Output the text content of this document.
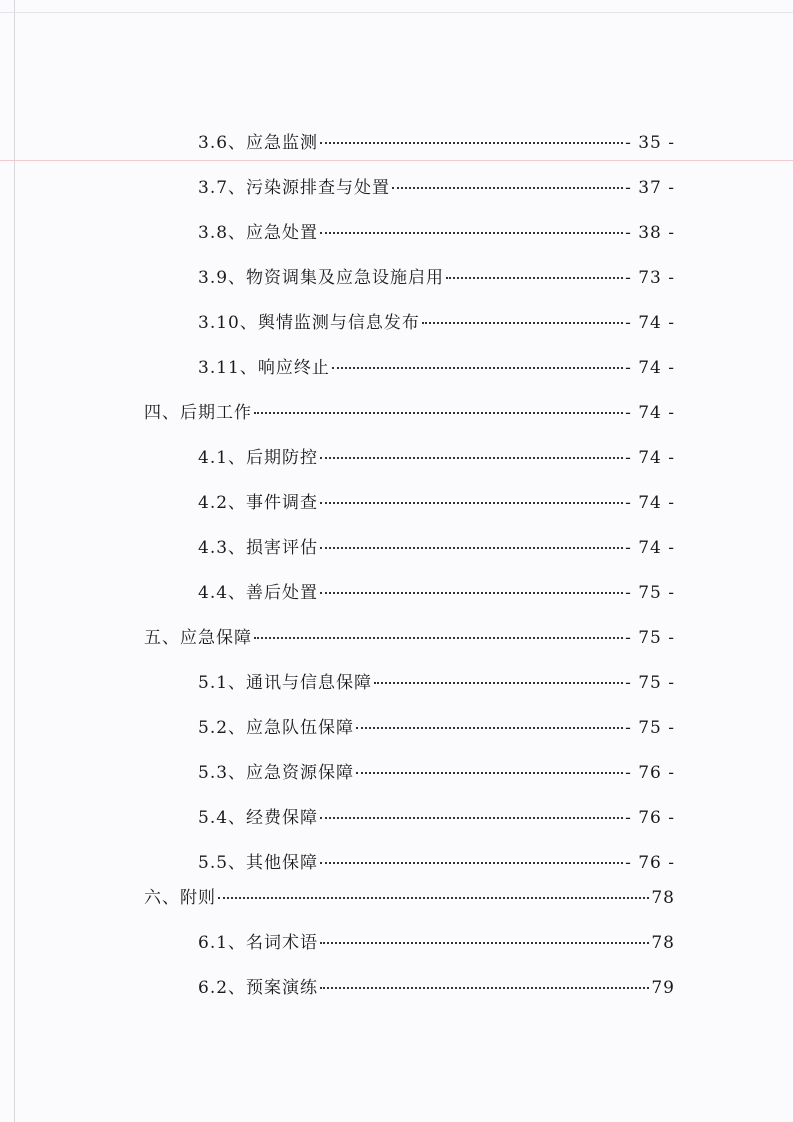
3.6、应急监测	- 35 -
3.7、污染源排查与处置	- 37 -
3.8、应急处置	- 38 -
3.9、物资调集及应急设施启用	- 73 -
3.10、舆情监测与信息发布	- 74 -
3.11、响应终止	- 74 -
四、后期工作	- 74 -
4.1、后期防控	- 74 -
4.2、事件调查	- 74 -
4.3、损害评估	- 74 -
4.4、善后处置	- 75 -
五、应急保障	- 75 -
5.1、通讯与信息保障	- 75 -
5.2、应急队伍保障	- 75 -
5.3、应急资源保障	- 76 -
5.4、经费保障	- 76 -
5.5、其他保障	- 76 -
六、附则	78
6.1、名词术语	78
6.2、预案演练	79
